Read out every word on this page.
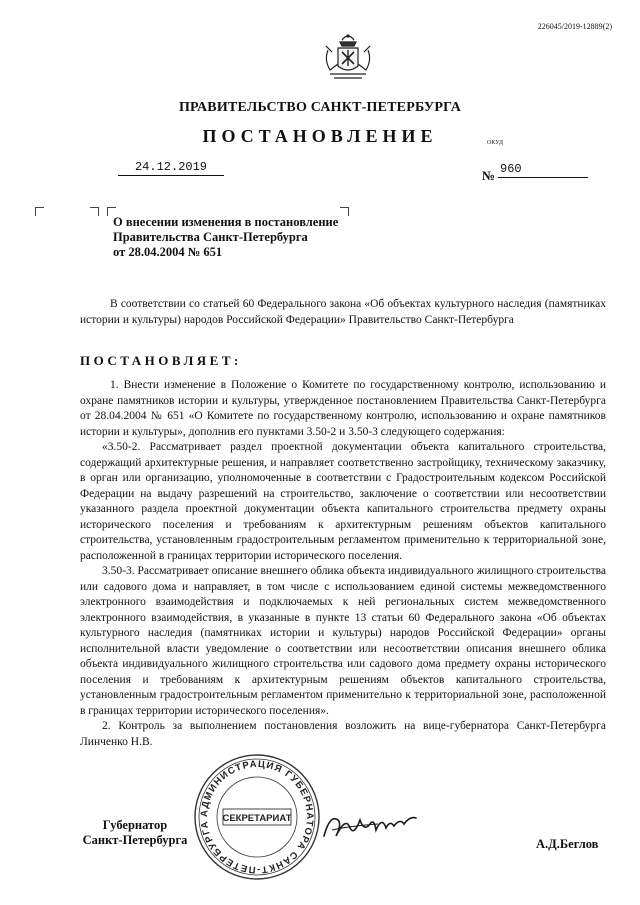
226045/2019-12889(2)
ПРАВИТЕЛЬСТВО САНКТ-ПЕТЕРБУРГА
ПОСТАНОВЛЕНИЕ	ОКУД
24.12.2019
№ 960
О внесении изменения в постановление
Правительства Санкт-Петербурга
от 28.04.2004 № 651

В соответствии со статьей 60 Федерального закона «Об объектах культурного наследия (памятниках истории и культуры) народов Российской Федерации» Правительство Санкт-Петербурга

ПОСТАНОВЛЯЕТ:

1. Внести изменение в Положение о Комитете по государственному контролю, использованию и охране памятников истории и культуры, утвержденное постановлением Правительства Санкт-Петербурга от 28.04.2004 № 651 «О Комитете по государственному контролю, использованию и охране памятников истории и культуры», дополнив его пунктами 3.50-2 и 3.50-3 следующего содержания:

«3.50-2. Рассматривает раздел проектной документации объекта капитального строительства, содержащий архитектурные решения, и направляет соответственно застройщику, техническому заказчику, в орган или организацию, уполномоченные в соответствии с Градостроительным кодексом Российской Федерации на выдачу разрешений на строительство, заключение о соответствии или несоответствии указанного раздела проектной документации объекта капитального строительства предмету охраны исторического поселения и требованиям к архитектурным решениям объектов капитального строительства, установленным градостроительным регламентом применительно к территориальной зоне, расположенной в границах территории исторического поселения.

3.50-3. Рассматривает описание внешнего облика объекта индивидуального жилищного строительства или садового дома и направляет, в том числе с использованием единой системы межведомственного электронного взаимодействия и подключаемых к ней региональных систем межведомственного электронного взаимодействия, в указанные в пункте 13 статьи 60 Федерального закона «Об объектах культурного наследия (памятниках истории и культуры) народов Российской Федерации» органы исполнительной власти уведомление о соответствии или несоответствии описания внешнего облика объекта индивидуального жилищного строительства или садового дома предмету охраны исторического поселения и требованиям к архитектурным решениям объектов капитального строительства, установленным градостроительным регламентом применительно к территориальной зоне, расположенной в границах территории исторического поселения».

2. Контроль за выполнением постановления возложить на вице-губернатора Санкт-Петербурга Линченко Н.В.

Губернатор
Санкт-Петербурга
АДМИНИСТРАЦИЯ ГУБЕРНАТОРА САНКТ-ПЕТЕРБУРГА
СЕКРЕТАРИАТ
А.Д.Беглов
